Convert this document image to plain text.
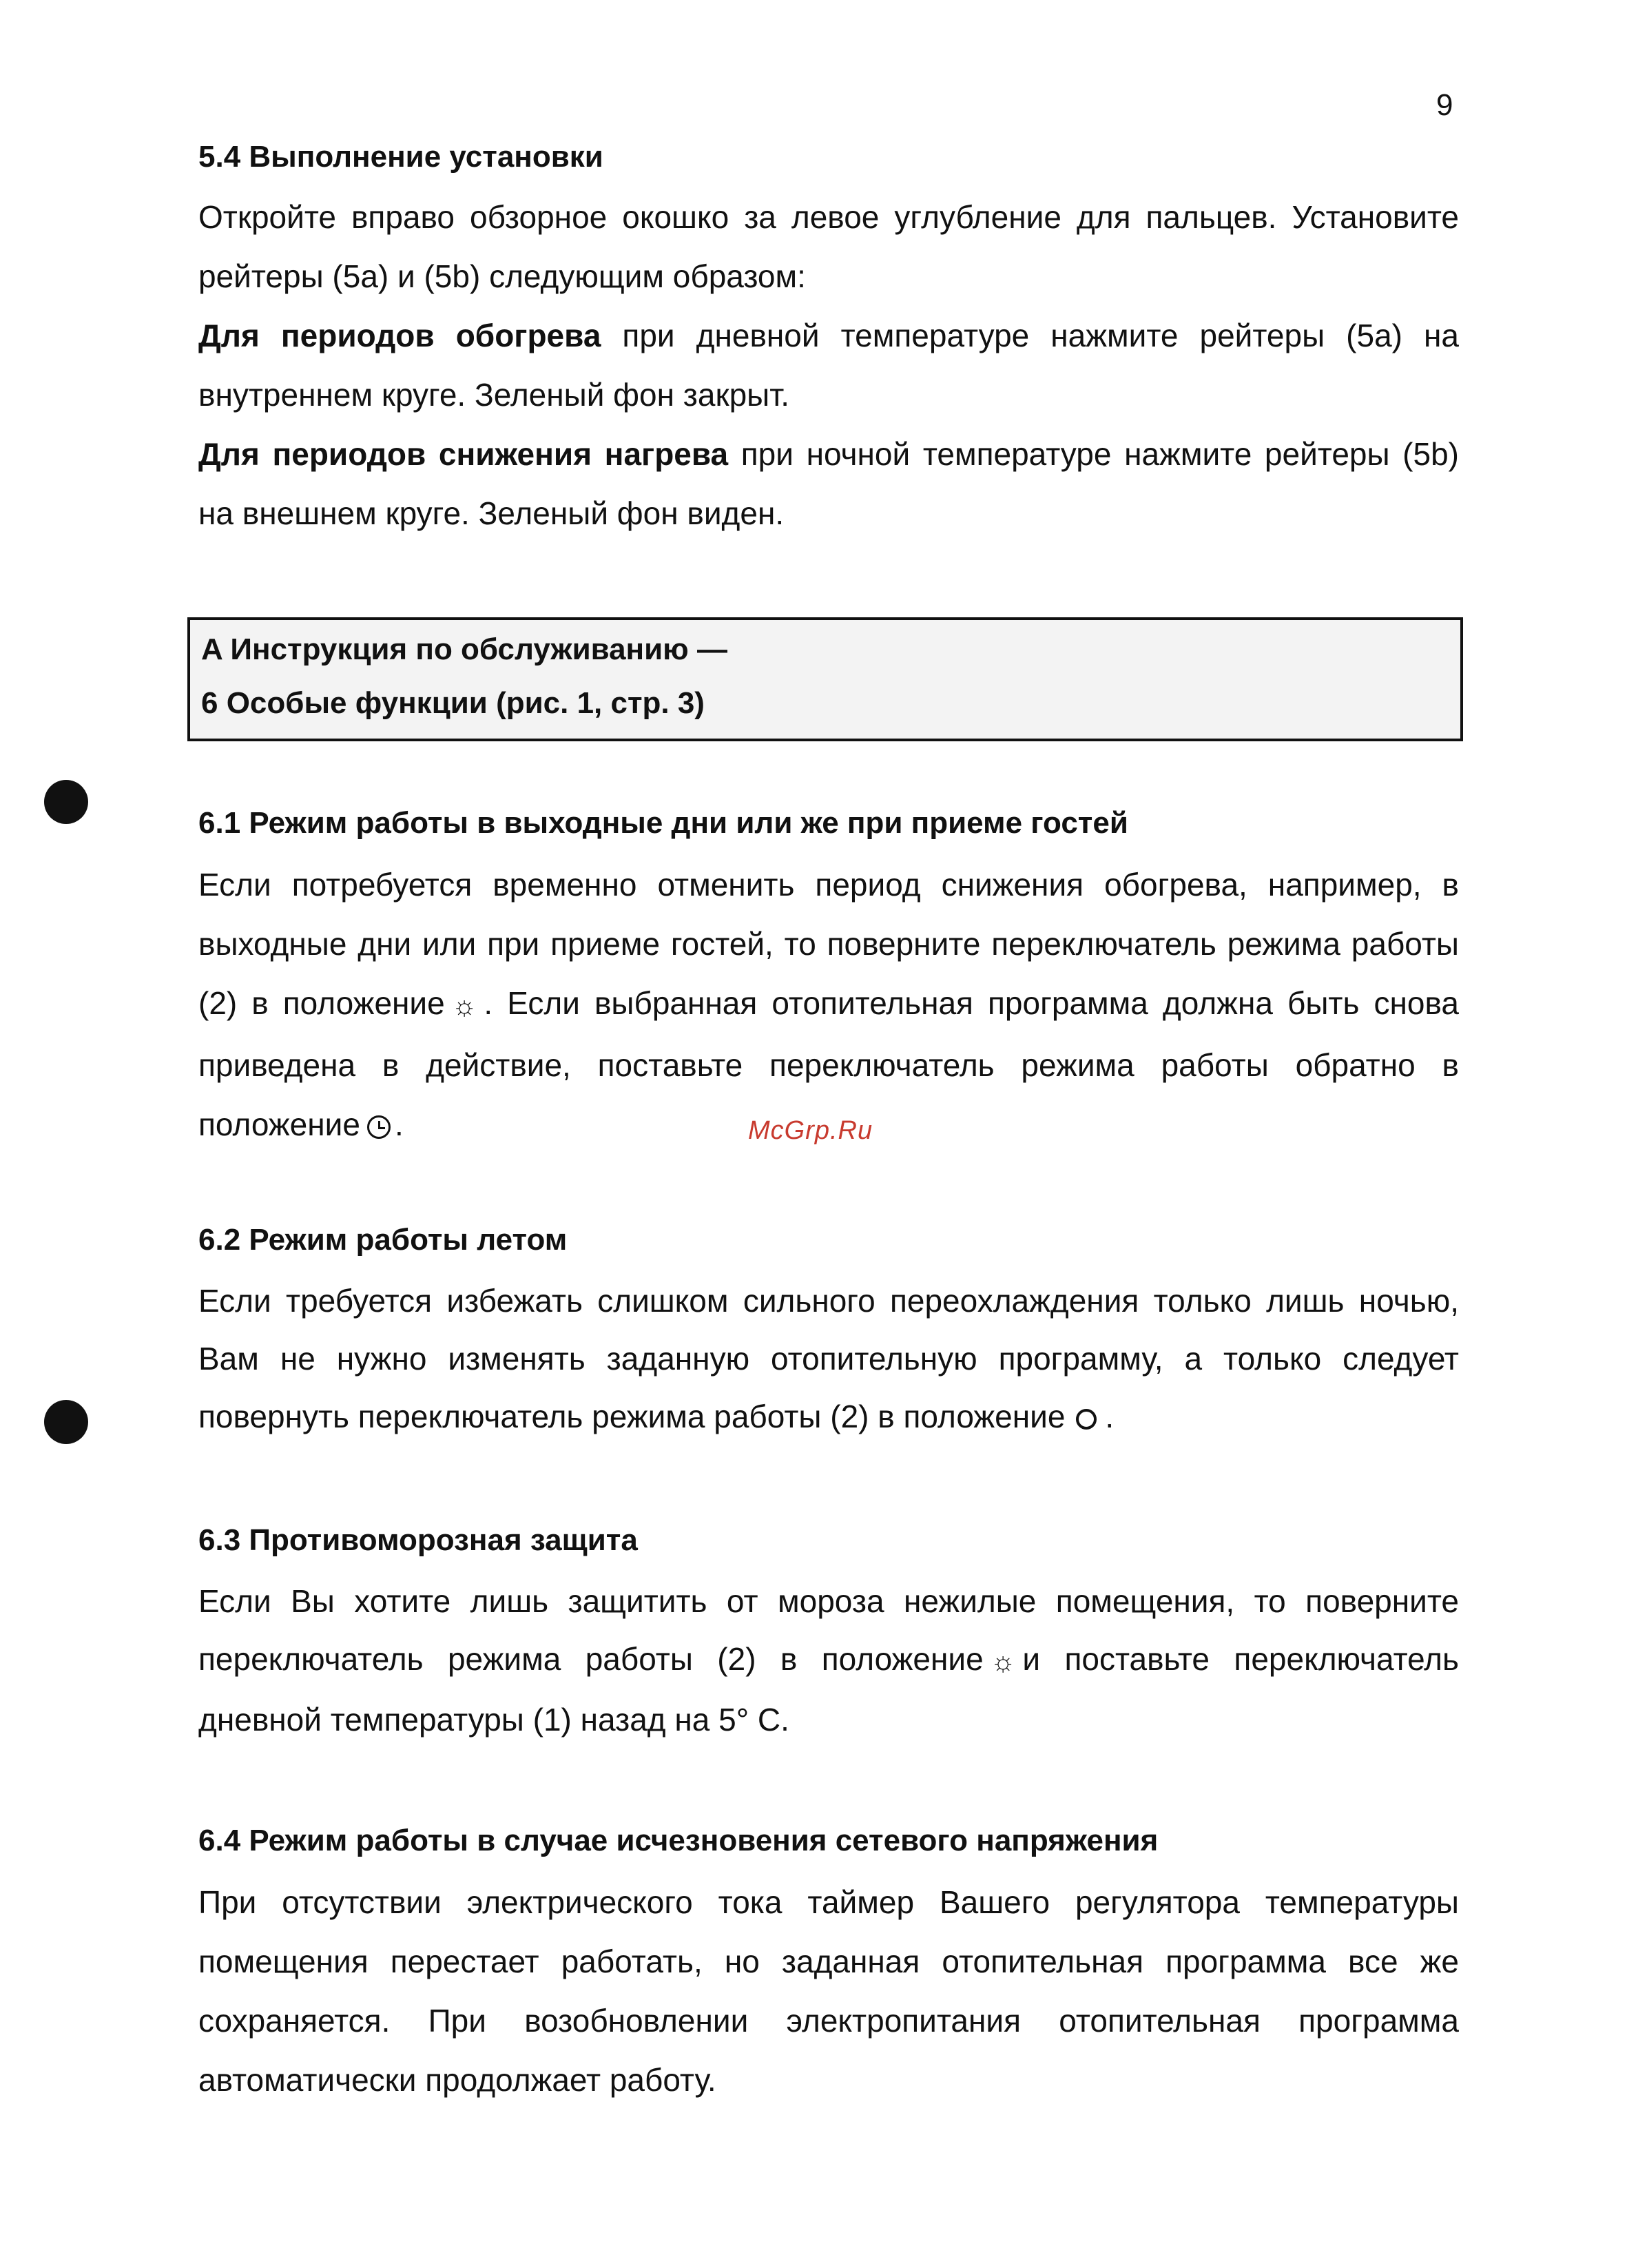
9

5.4 Выполнение установки

Откройте вправо обзорное окошко за левое углубление для пальцев. Установите рейтеры (5a) и (5b) следующим образом:

Для периодов обогрева при дневной температуре нажмите рейтеры (5a) на внутреннем круге. Зеленый фон закрыт.

Для периодов снижения нагрева при ночной температуре нажмите рейтеры (5b) на внешнем круге. Зеленый фон виден.

A Инструкция по обслуживанию —

6 Особые функции (рис. 1, стр. 3)

6.1 Режим работы в выходные дни или же при приеме гостей

Если потребуется временно отменить период снижения обогрева, например, в выходные дни или при приеме гостей, то поверните переключатель режима работы (2) в положение ☼ . Если выбранная отопительная программа должна быть снова приведена в действие, поставьте переключатель режима работы обратно в положение .	McGrp.Ru

6.2 Режим работы летом

Если требуется избежать слишком сильного переохлаждения только лишь ночью, Вам не нужно изменять заданную отопительную программу, а только следует повернуть переключатель режима работы (2) в положение .

6.3 Противоморозная защита

Если Вы хотите лишь защитить от мороза нежилые помещения, то поверните переключатель режима работы (2) в положение ☼ и поставьте переключатель дневной температуры (1) назад на 5° C.

6.4 Режим работы в случае исчезновения сетевого напряжения

При отсутствии электрического тока таймер Вашего регулятора температуры помещения перестает работать, но заданная отопительная программа все же сохраняется. При возобновлении электропитания отопительная программа автоматически продолжает работу.
